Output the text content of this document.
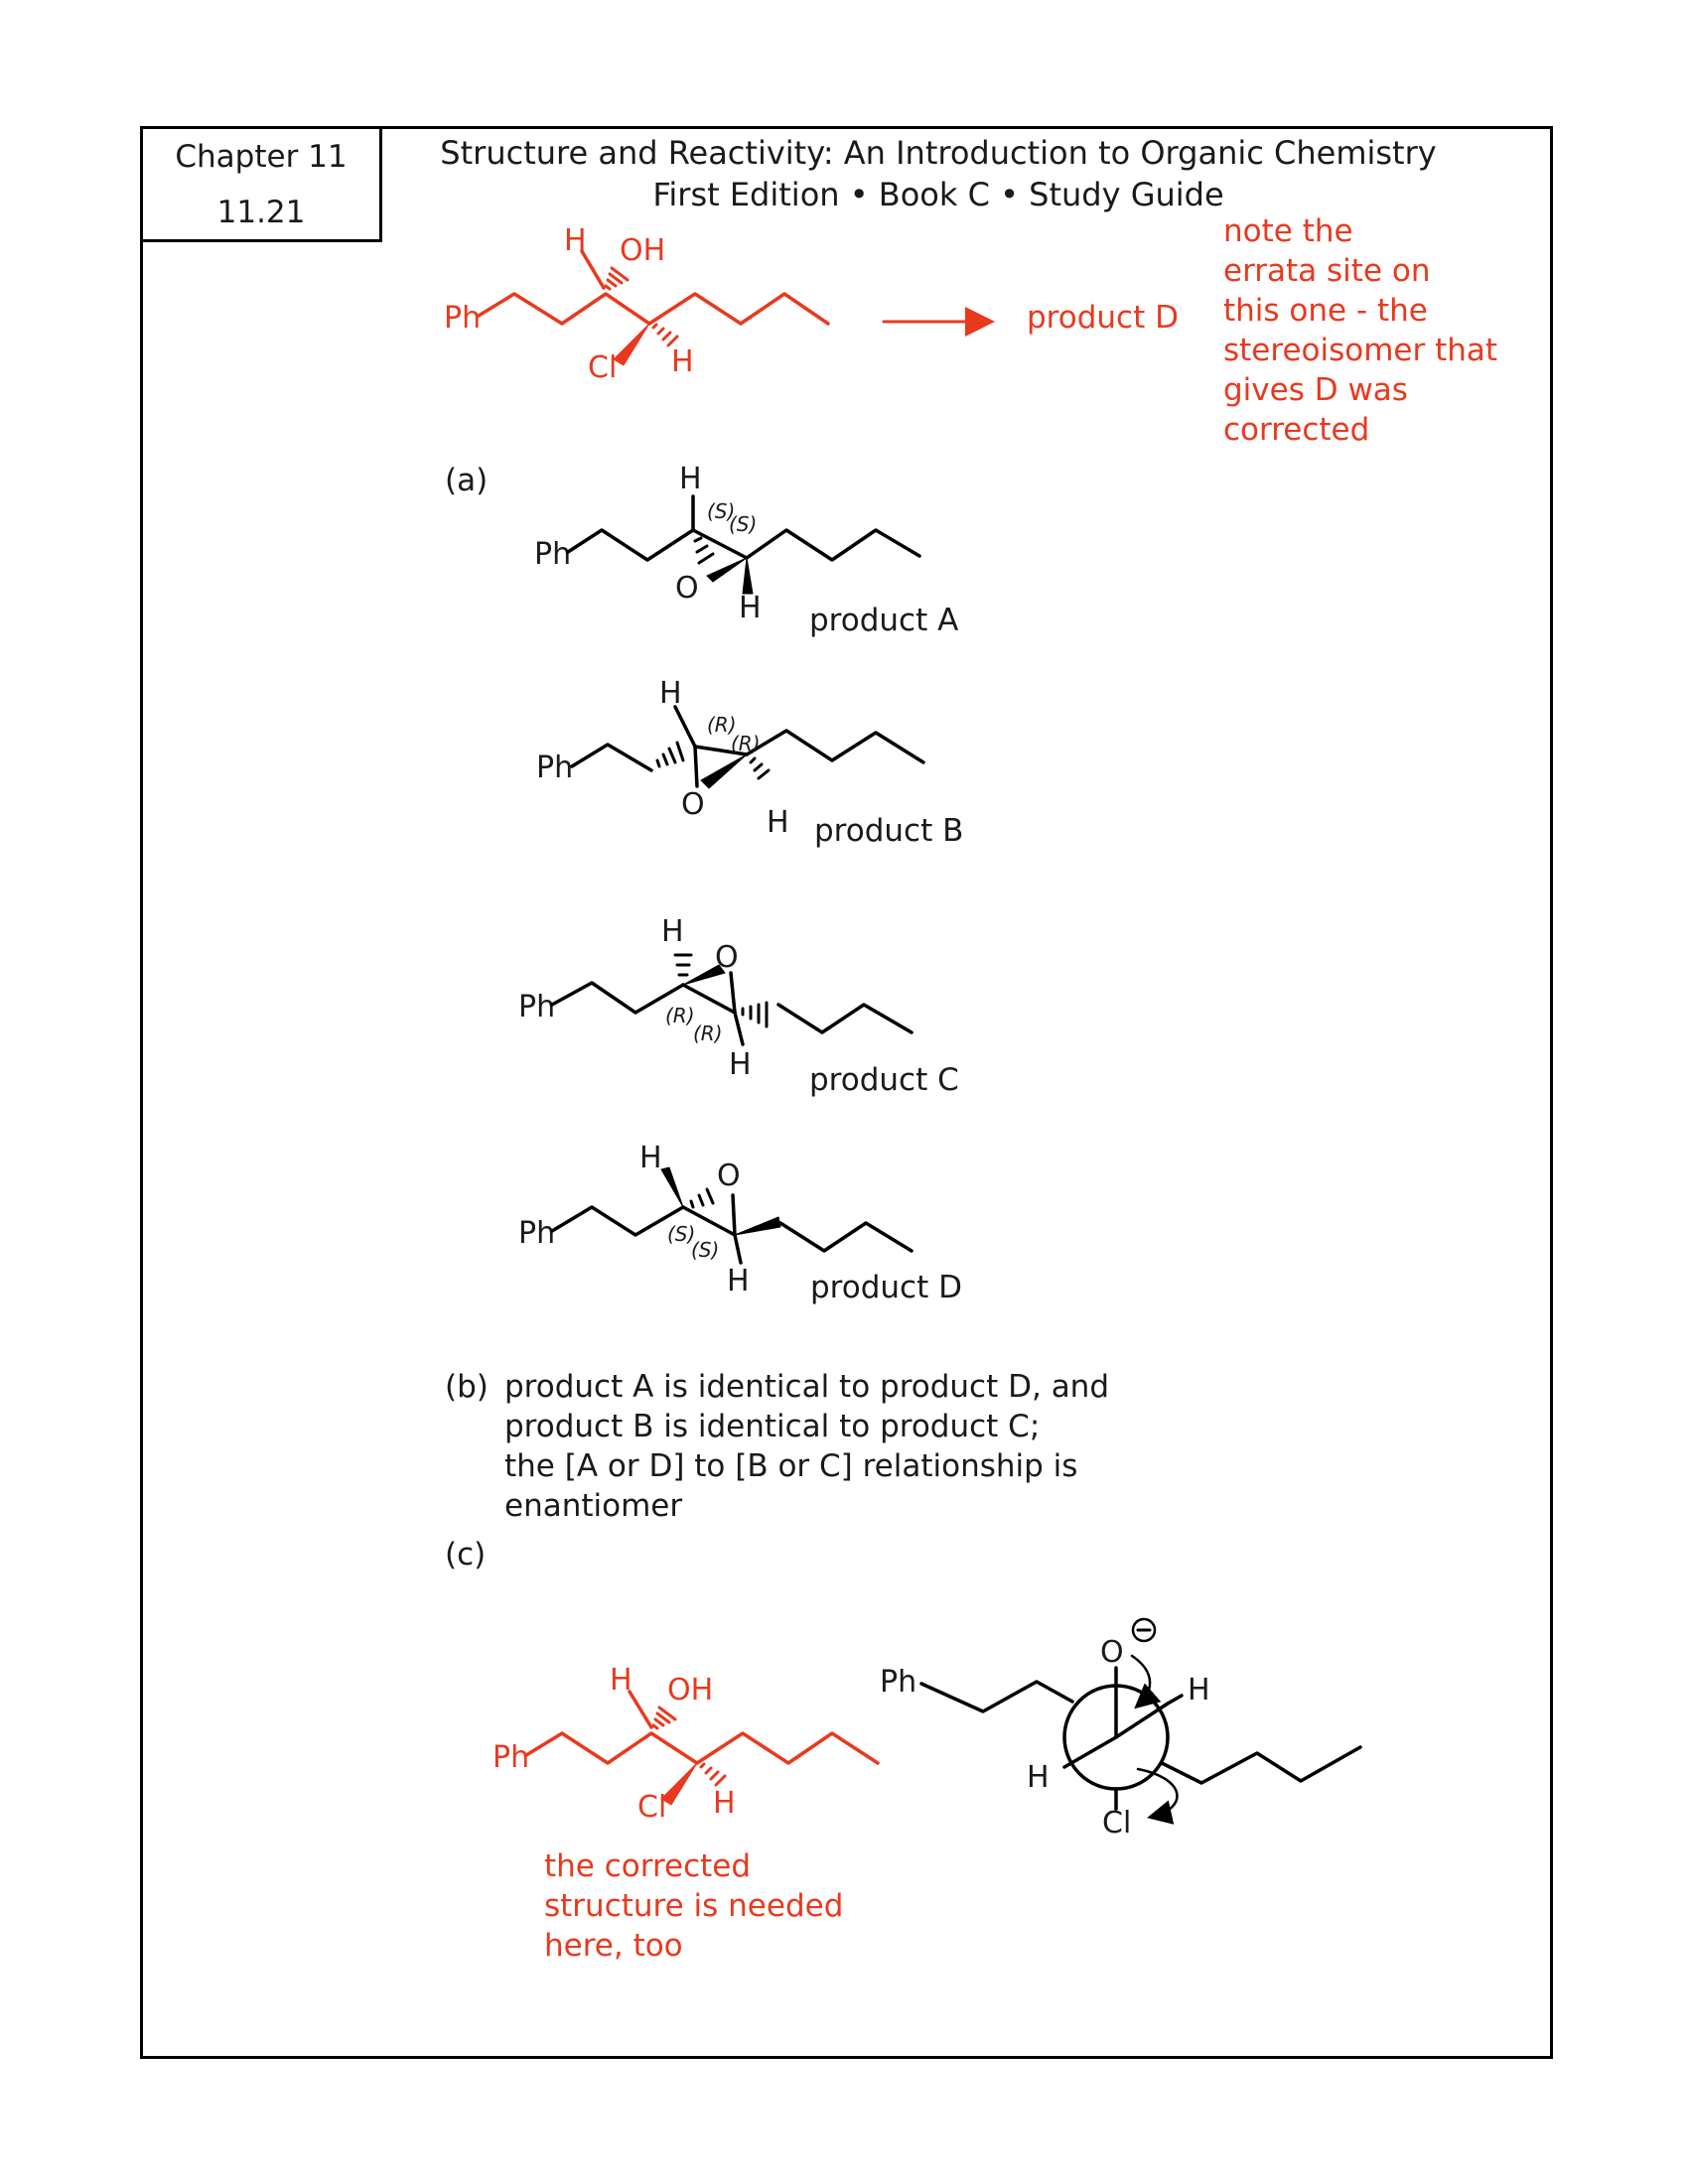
Chapter 11
11.21
Structure and Reactivity: An Introduction to Organic Chemistry
First Edition • Book C • Study Guide
note the
errata site on
this one - the
stereoisomer that
gives D was
corrected
product D
(a)
product A
product B
product C
product D
(b) product A is identical to product D, and
product B is identical to product C;
the [A or D] to [B or C] relationship is
enantiomer
(c)
the corrected
structure is needed
here, too
Ph
H OH
Cl H
Ph
H
O
H
(S)
(S)
Ph
H
O
H
(R)
(R)
Ph
O
H
H
(R)
(R)
Ph
H
O
H
(S)
(S)
Ph
H OH
Cl H
Ph	H
H
Cl
O
